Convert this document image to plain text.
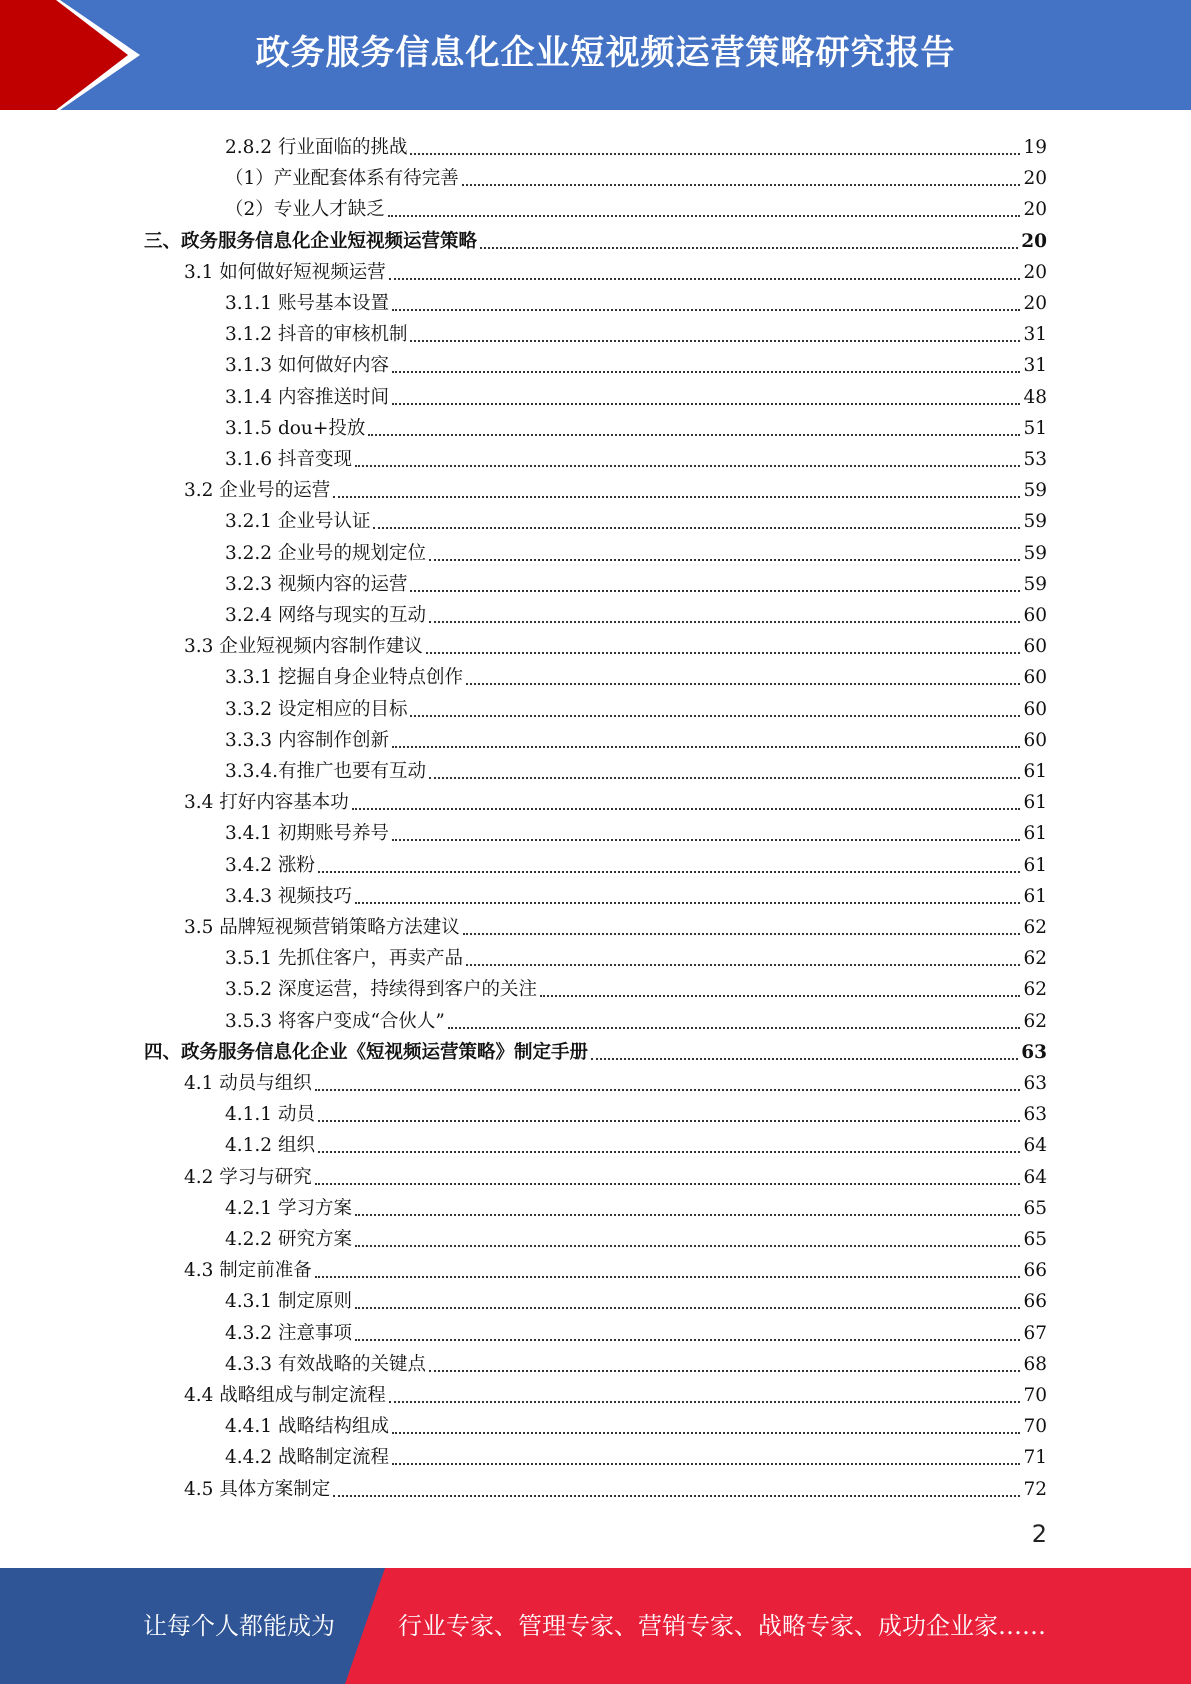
政务服务信息化企业短视频运营策略研究报告
2.8.2 行业面临的挑战	19
（1）产业配套体系有待完善	20
（2）专业人才缺乏	20
三、政务服务信息化企业短视频运营策略	20
3.1 如何做好短视频运营	20
3.1.1 账号基本设置	20
3.1.2 抖音的审核机制	31
3.1.3 如何做好内容	31
3.1.4 内容推送时间	48
3.1.5 dou+投放	51
3.1.6 抖音变现	53
3.2 企业号的运营	59
3.2.1 企业号认证	59
3.2.2 企业号的规划定位	59
3.2.3 视频内容的运营	59
3.2.4 网络与现实的互动	60
3.3 企业短视频内容制作建议	60
3.3.1 挖掘自身企业特点创作	60
3.3.2 设定相应的目标	60
3.3.3 内容制作创新	60
3.3.4.有推广也要有互动	61
3.4 打好内容基本功	61
3.4.1 初期账号养号	61
3.4.2 涨粉	61
3.4.3 视频技巧	61
3.5 品牌短视频营销策略方法建议	62
3.5.1 先抓住客户，再卖产品	62
3.5.2 深度运营，持续得到客户的关注	62
3.5.3 将客户变成“合伙人”	62
四、政务服务信息化企业《短视频运营策略》制定手册	63
4.1 动员与组织	63
4.1.1 动员	63
4.1.2 组织	64
4.2 学习与研究	64
4.2.1 学习方案	65
4.2.2 研究方案	65
4.3 制定前准备	66
4.3.1 制定原则	66
4.3.2 注意事项	67
4.3.3 有效战略的关键点	68
4.4 战略组成与制定流程	70
4.4.1 战略结构组成	70
4.4.2 战略制定流程	71
4.5 具体方案制定	72
2
让每个人都能成为	行业专家、管理专家、营销专家、战略专家、成功企业家……
